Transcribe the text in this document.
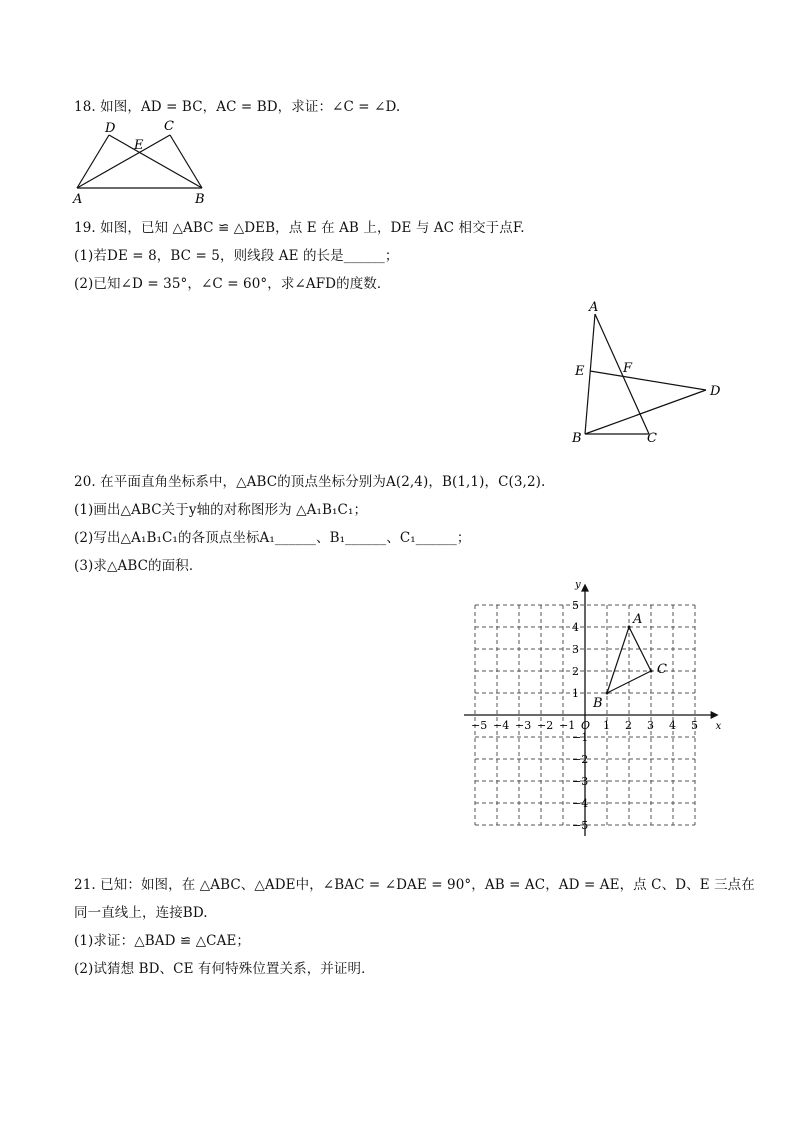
18. 如图，AD = BC，AC = BD，求证：∠C = ∠D.
D	C
E
A	B
19. 如图，已知 △ABC ≌ △DEB，点 E 在 AB 上，DE 与 AC 相交于点F.
(1)若DE = 8，BC = 5，则线段 AE 的长是______；
(2)已知∠D = 35°，∠C = 60°，求∠AFD的度数．
A
E	F
D
B	C
20. 在平面直角坐标系中，△ABC的顶点坐标分别为A(2,4)，B(1,1)，C(3,2).
(1)画出△ABC关于y轴的对称图形为 △A₁B₁C₁；
(2)写出△A₁B₁C₁的各顶点坐标A₁______、B₁______、C₁______；
(3)求△ABC的面积．
x
y
−5 −4 −3 −2 −1	1 2 3 4 5
5
4
3
2
1
−1
−2
−3
−4
−5
O
A
B
C
21. 已知：如图，在 △ABC、△ADE中，∠BAC = ∠DAE = 90°，AB = AC，AD = AE，点 C、D、E 三点在
同一直线上，连接BD.
(1)求证：△BAD ≌ △CAE；
(2)试猜想 BD、CE 有何特殊位置关系，并证明．
